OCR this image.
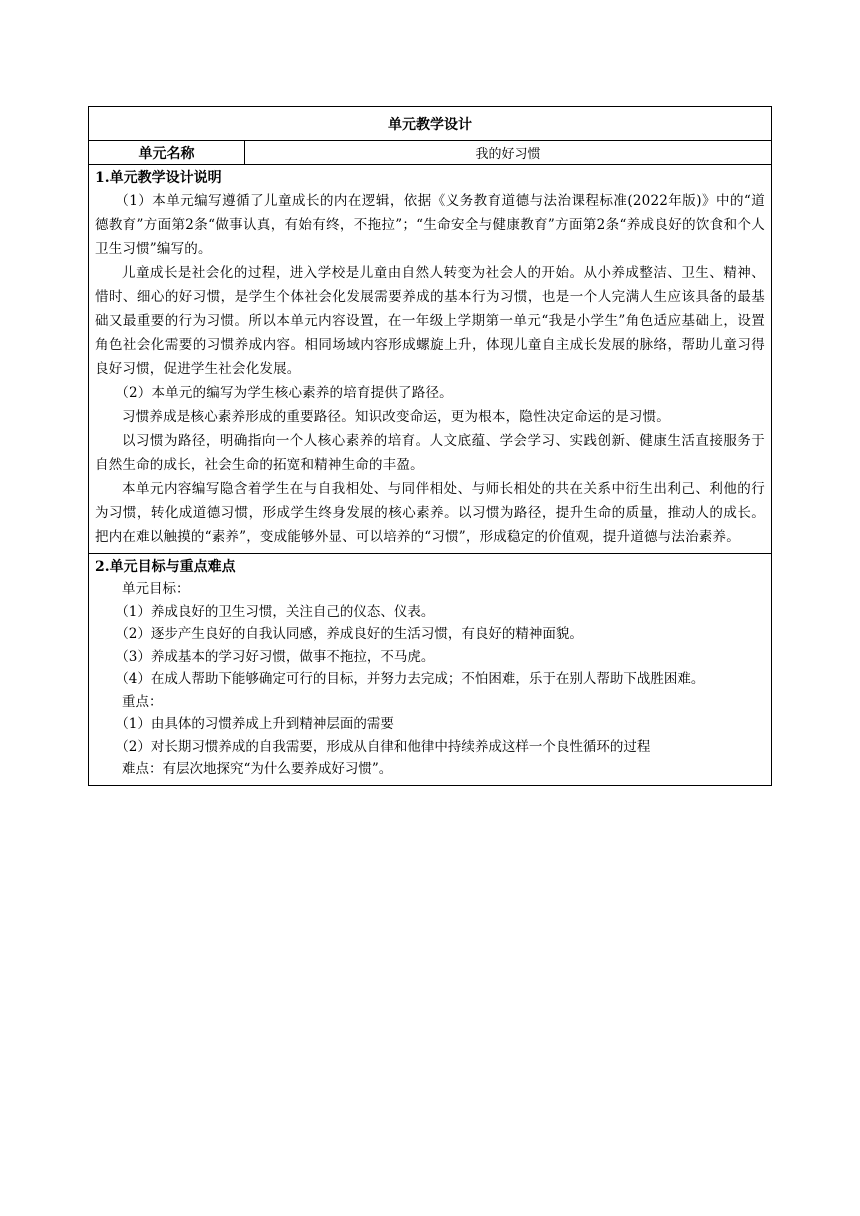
单元教学设计
单元名称	我的好习惯

1.单元教学设计说明

（1）本单元编写遵循了儿童成长的内在逻辑，依据《义务教育道德与法治课程标准(2022年版)》中的“道德教育”方面第2条“做事认真，有始有终，不拖拉”；“生命安全与健康教育”方面第2条“养成良好的饮食和个人卫生习惯”编写的。

儿童成长是社会化的过程，进入学校是儿童由自然人转变为社会人的开始。从小养成整洁、卫生、精神、惜时、细心的好习惯，是学生个体社会化发展需要养成的基本行为习惯，也是一个人完满人生应该具备的最基础又最重要的行为习惯。所以本单元内容设置，在一年级上学期第一单元“我是小学生”角色适应基础上，设置角色社会化需要的习惯养成内容。相同场域内容形成螺旋上升，体现儿童自主成长发展的脉络，帮助儿童习得良好习惯，促进学生社会化发展。

（2）本单元的编写为学生核心素养的培育提供了路径。

习惯养成是核心素养形成的重要路径。知识改变命运，更为根本，隐性决定命运的是习惯。

以习惯为路径，明确指向一个人核心素养的培育。人文底蕴、学会学习、实践创新、健康生活直接服务于自然生命的成长，社会生命的拓宽和精神生命的丰盈。

本单元内容编写隐含着学生在与自我相处、与同伴相处、与师长相处的共在关系中衍生出利己、利他的行为习惯，转化成道德习惯，形成学生终身发展的核心素养。以习惯为路径，提升生命的质量，推动人的成长。把内在难以触摸的“素养”，变成能够外显、可以培养的“习惯”，形成稳定的价值观，提升道德与法治素养。

2.单元目标与重点难点

单元目标：

（1）养成良好的卫生习惯，关注自己的仪态、仪表。

（2）逐步产生良好的自我认同感，养成良好的生活习惯，有良好的精神面貌。

（3）养成基本的学习好习惯，做事不拖拉，不马虎。

（4）在成人帮助下能够确定可行的目标，并努力去完成；不怕困难，乐于在别人帮助下战胜困难。

重点：

（1）由具体的习惯养成上升到精神层面的需要

（2）对长期习惯养成的自我需要，形成从自律和他律中持续养成这样一个良性循环的过程

难点：有层次地探究“为什么要养成好习惯”。
